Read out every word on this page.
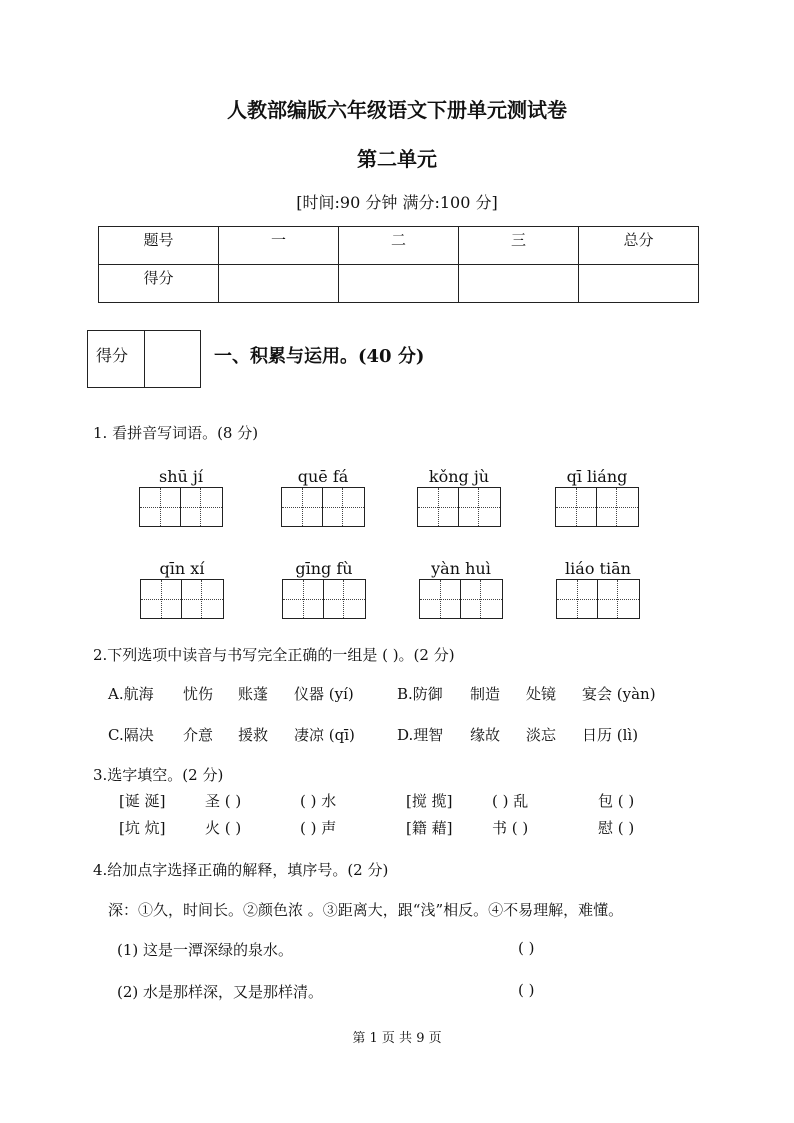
人教部编版六年级语文下册单元测试卷
第二单元
[时间:90 分钟 满分:100 分]
题号	一	二	三	总分
得分				
得分	一、积累与运用。(40 分)
1. 看拼音写词语。(8 分)
shū jí	quē fá	kǒng jù	qī liáng
qīn xí	gīng fù	yàn huì	liáo tiān
2.下列选项中读音与书写完全正确的一组是 ( )。(2 分)
A.航海 忧伤 账蓬 仪器 (yí)	B.防御 制造 处镜 宴会 (yàn)
C.隔决 介意 援救 凄凉 (qī)	D.理智 缘故 淡忘 日历 (lì)
3.选字填空。(2 分)
[诞 涎]	圣 ( )	( ) 水	[搅 揽]	( ) 乱	包 ( )
[坑 炕]	火 ( )	( ) 声	[籍 藉]	书 ( )	慰 ( )
4.给加点字选择正确的解释，填序号。(2 分)
深：①久，时间长。②颜色浓 。③距离大，跟“浅”相反。④不易理解，难懂。
(1) 这是一潭深绿的泉水。	( )
(2) 水是那样深，又是那样清。	( )
第 1 页 共 9 页
